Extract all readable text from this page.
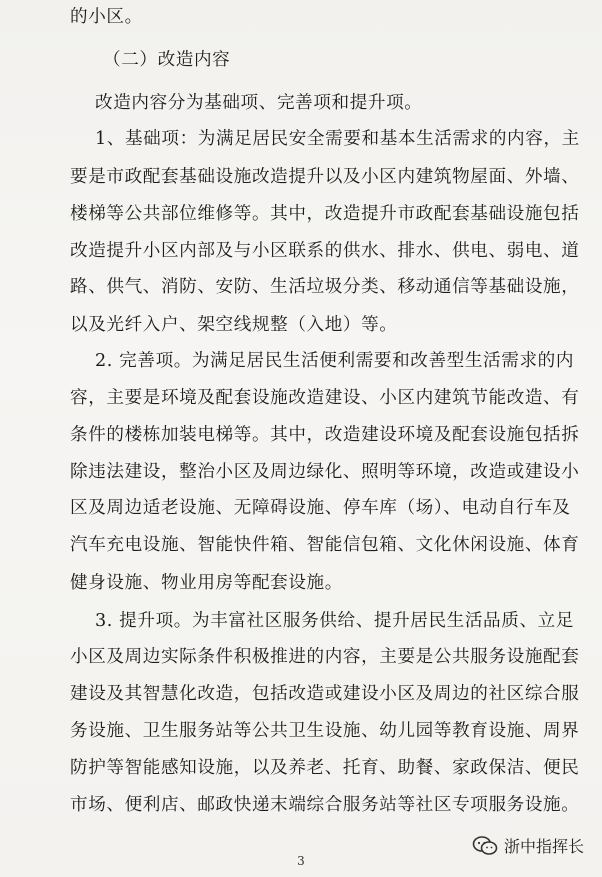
的小区。
（二）改造内容
改造内容分为基础项、完善项和提升项。
1、基础项：为满足居民安全需要和基本生活需求的内容，主
要是市政配套基础设施改造提升以及小区内建筑物屋面、外墙、
楼梯等公共部位维修等。其中，改造提升市政配套基础设施包括
改造提升小区内部及与小区联系的供水、排水、供电、弱电、道
路、供气、消防、安防、生活垃圾分类、移动通信等基础设施，
以及光纤入户、架空线规整（入地）等。
2. 完善项。为满足居民生活便利需要和改善型生活需求的内
容，主要是环境及配套设施改造建设、小区内建筑节能改造、有
条件的楼栋加装电梯等。其中，改造建设环境及配套设施包括拆
除违法建设，整治小区及周边绿化、照明等环境，改造或建设小
区及周边适老设施、无障碍设施、停车库（场）、电动自行车及
汽车充电设施、智能快件箱、智能信包箱、文化休闲设施、体育
健身设施、物业用房等配套设施。
3. 提升项。为丰富社区服务供给、提升居民生活品质、立足
小区及周边实际条件积极推进的内容，主要是公共服务设施配套
建设及其智慧化改造，包括改造或建设小区及周边的社区综合服
务设施、卫生服务站等公共卫生设施、幼儿园等教育设施、周界
防护等智能感知设施，以及养老、托育、助餐、家政保洁、便民
市场、便利店、邮政快递末端综合服务站等社区专项服务设施。
3
浙中指挥长
